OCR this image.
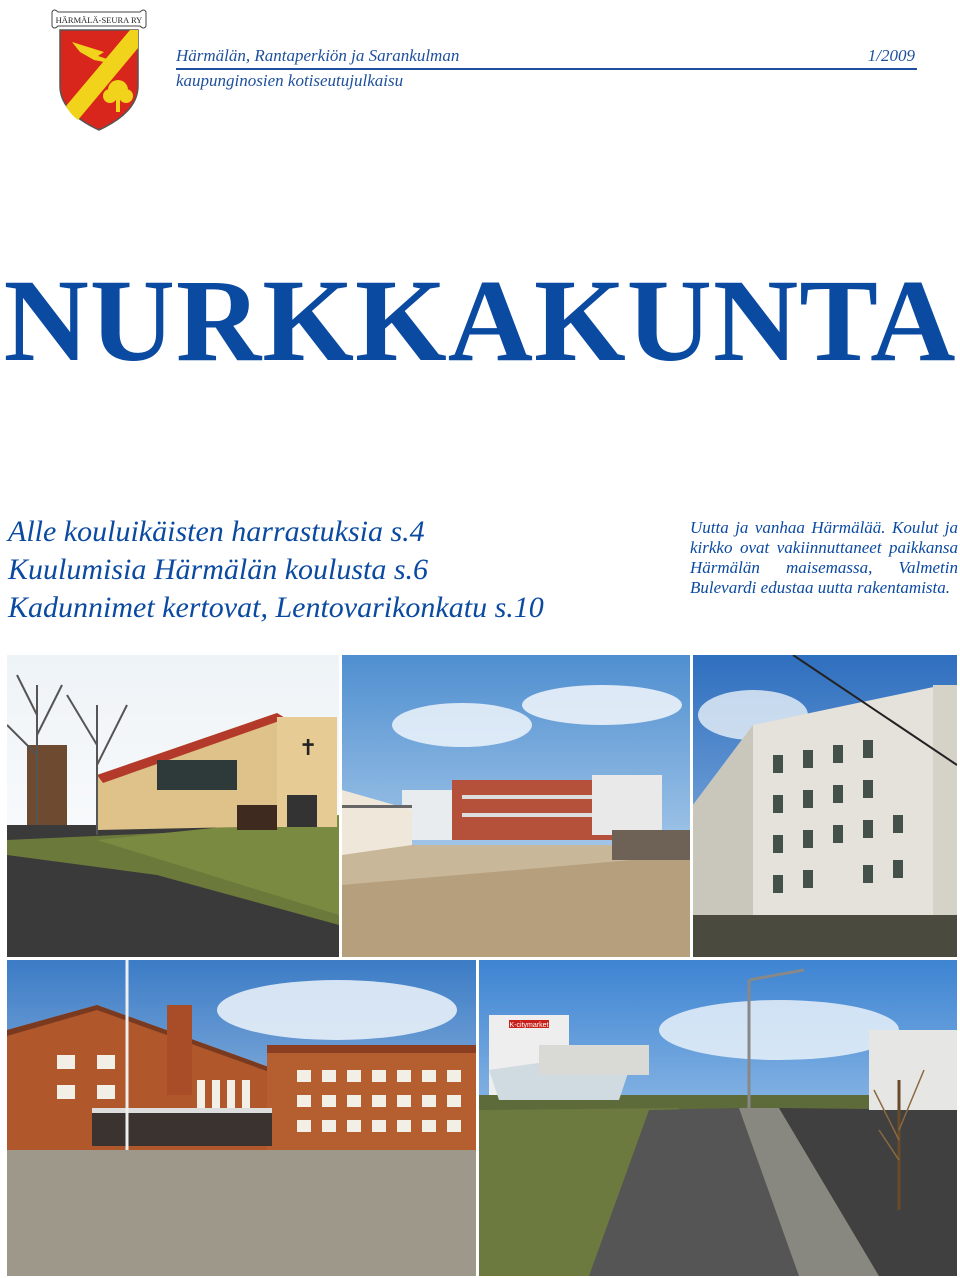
HÄRMÄLÄ-SEURA RY
Härmälän, Rantaperkiön ja Sarankulman	1/2009
kaupunginosien kotiseutujulkaisu
NURKKAKUNTA
Alle kouluikäisten harrastuksia s.4
Kuulumisia Härmälän koulusta s.6
Kadunnimet kertovat, Lentovarikonkatu s.10
Uutta ja vanhaa Härmälää. Koulut ja kirkko ovat vakiinnuttaneet paikkansa Härmälän maisemassa, Valmetin Bulevardi edustaa uutta rakentamista.
✝
K-citymarket
